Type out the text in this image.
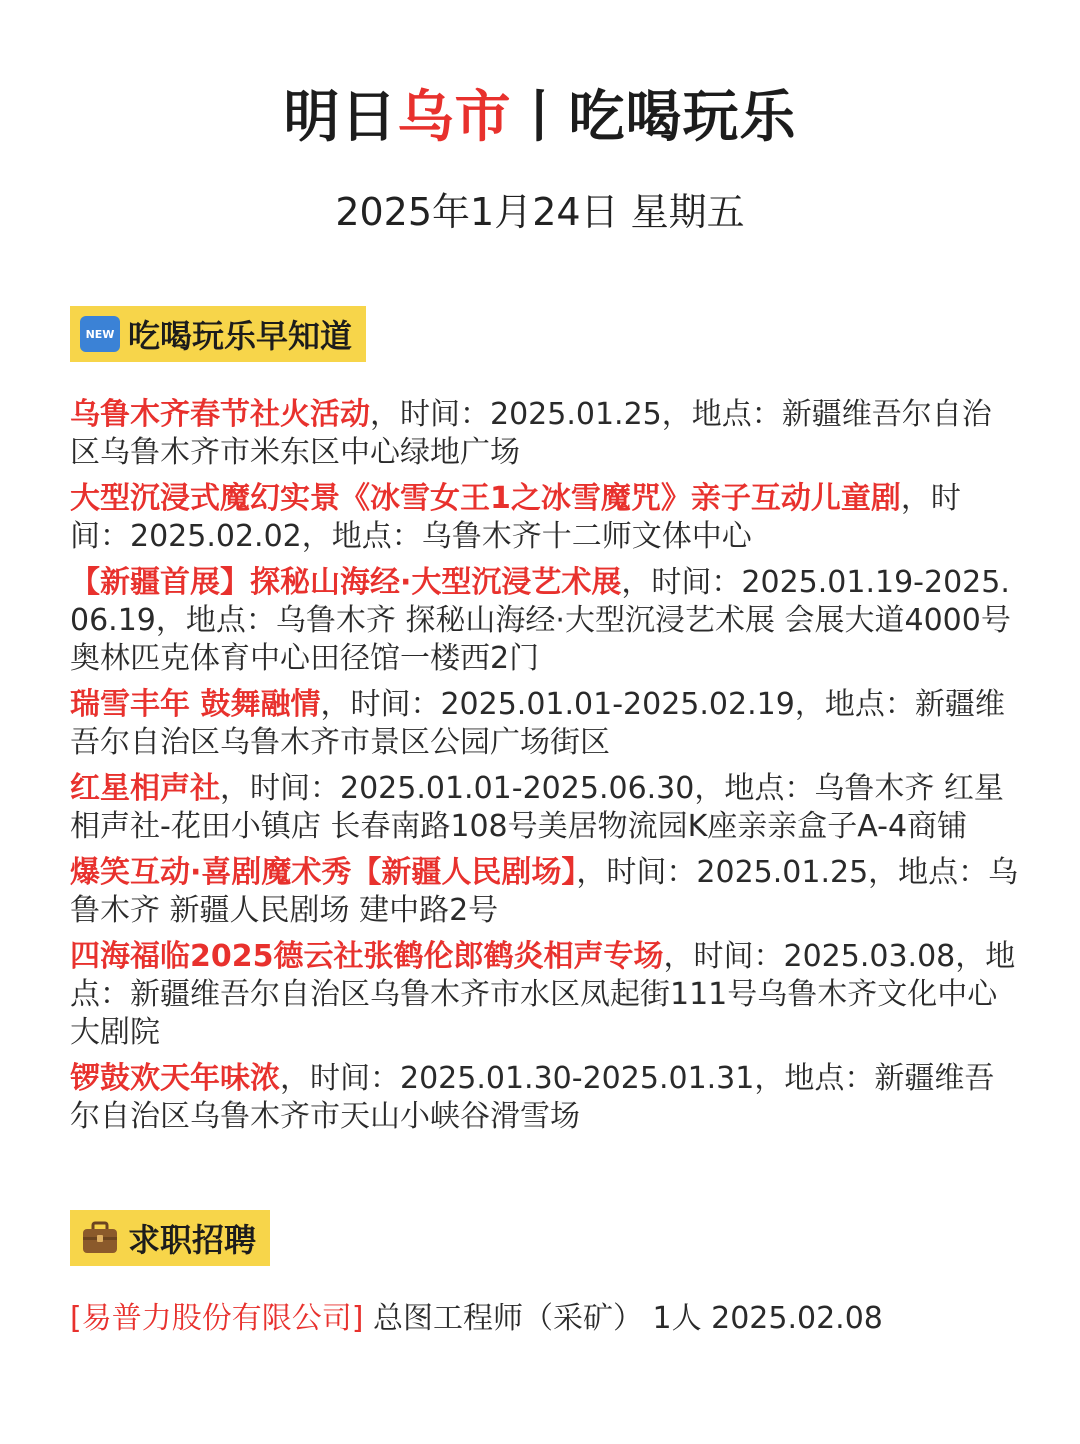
明日乌市丨吃喝玩乐
2025年1月24日 星期五
NEW 吃喝玩乐早知道
乌鲁木齐春节社火活动，时间：2025.01.25，地点：新疆维吾尔自治区乌鲁木齐市米东区中心绿地广场
大型沉浸式魔幻实景《冰雪女王1之冰雪魔咒》亲子互动儿童剧，时间：2025.02.02，地点：乌鲁木齐十二师文体中心
【新疆首展】探秘山海经·大型沉浸艺术展，时间：2025.01.19-2025.06.19，地点：乌鲁木齐 探秘山海经·大型沉浸艺术展 会展大道4000号奥林匹克体育中心田径馆一楼西2门
瑞雪丰年 鼓舞融情，时间：2025.01.01-2025.02.19，地点：新疆维吾尔自治区乌鲁木齐市景区公园广场街区
红星相声社，时间：2025.01.01-2025.06.30，地点：乌鲁木齐 红星相声社-花田小镇店 长春南路108号美居物流园K座亲亲盒子A-4商铺
爆笑互动·喜剧魔术秀【新疆人民剧场】，时间：2025.01.25，地点：乌鲁木齐 新疆人民剧场 建中路2号
四海福临2025德云社张鹤伦郎鹤炎相声专场，时间：2025.03.08，地点：新疆维吾尔自治区乌鲁木齐市水区凤起街111号乌鲁木齐文化中心大剧院
锣鼓欢天年味浓，时间：2025.01.30-2025.01.31，地点：新疆维吾尔自治区乌鲁木齐市天山小峡谷滑雪场
求职招聘
[易普力股份有限公司] 总图工程师（采矿） 1人 2025.02.08
